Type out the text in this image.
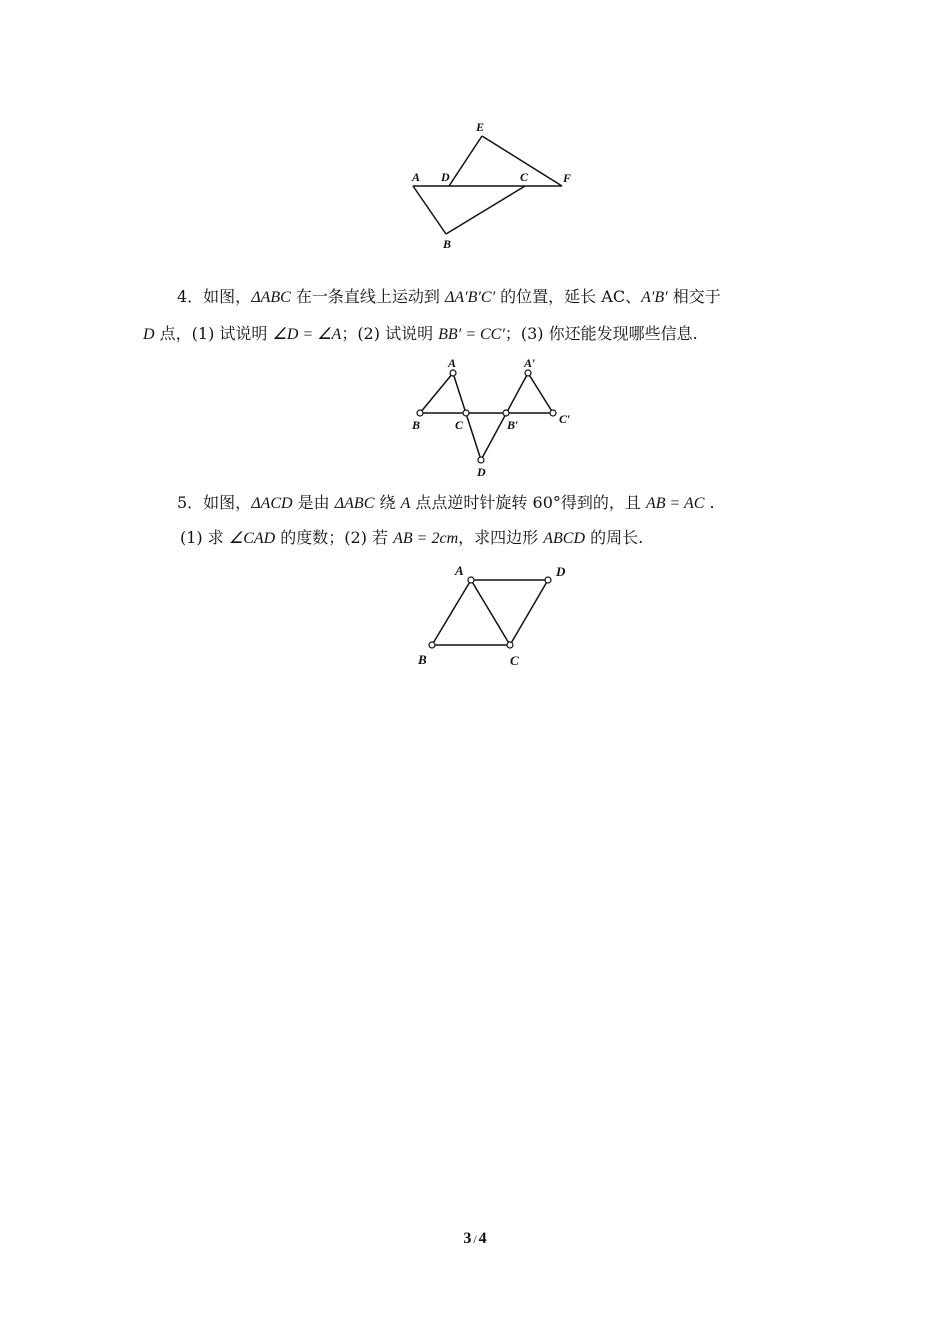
E
A D	C	F
B
4．如图，ΔABC 在一条直线上运动到 ΔA′B′C′ 的位置，延长 AC、A′B′ 相交于
D 点，(1) 试说明 ∠D = ∠A；(2) 试说明 BB′ = CC′；(3) 你还能发现哪些信息.
A	A′
B	C	B′	C′
D
5．如图，ΔACD 是由 ΔABC 绕 A 点点逆时针旋转 60°得到的，且 AB = AC .
(1) 求 ∠CAD 的度数；(2) 若 AB = 2cm，求四边形 ABCD 的周长.
A	D
B	C
3 / 4
